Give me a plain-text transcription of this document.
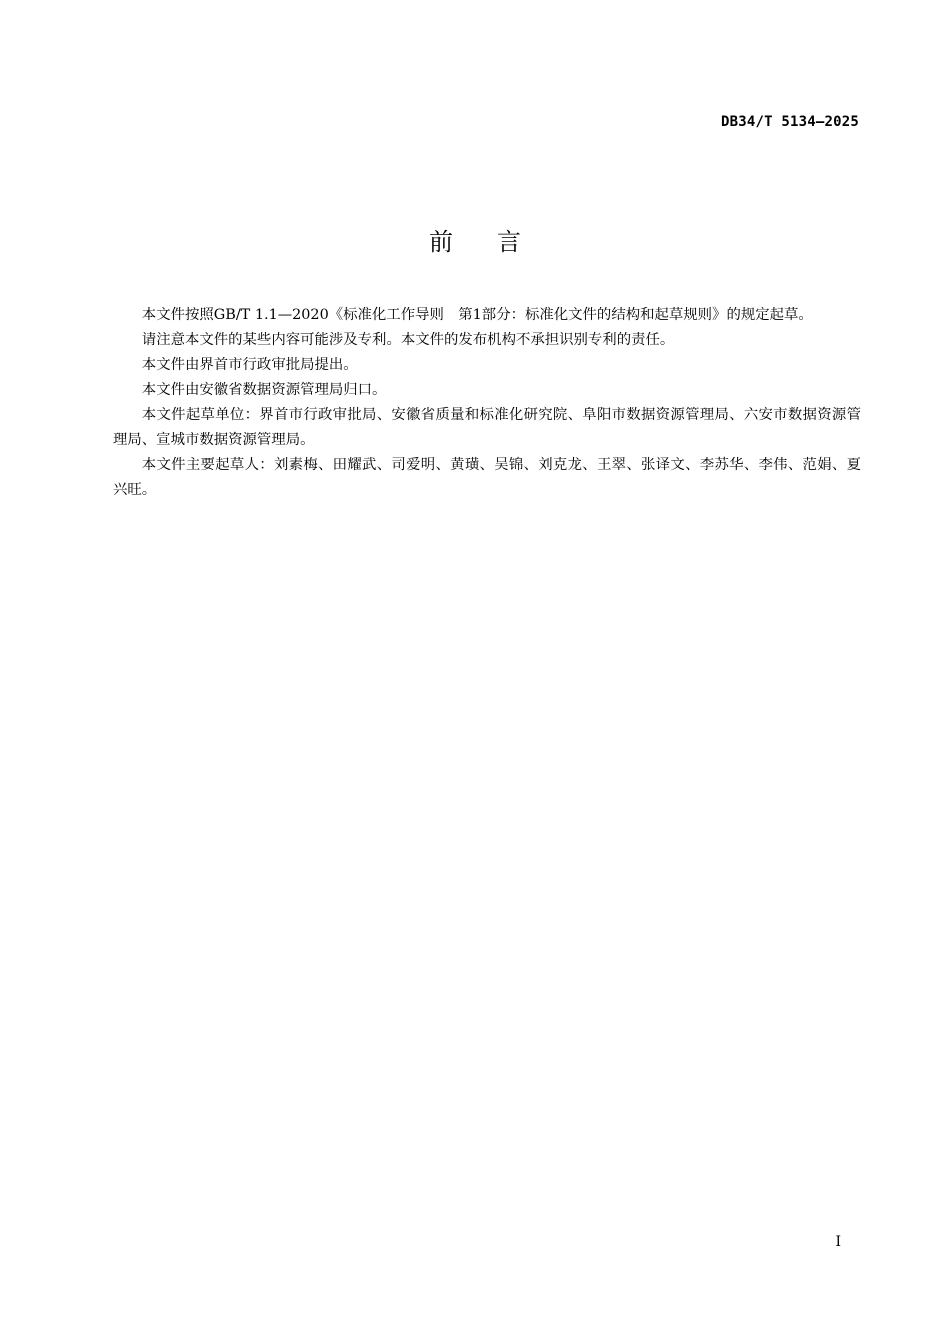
DB34/T 5134—2025
前言

本文件按照GB/T 1.1—2020《标准化工作导则　第1部分：标准化文件的结构和起草规则》的规定起草。

请注意本文件的某些内容可能涉及专利。本文件的发布机构不承担识别专利的责任。

本文件由界首市行政审批局提出。

本文件由安徽省数据资源管理局归口。

本文件起草单位：界首市行政审批局、安徽省质量和标准化研究院、阜阳市数据资源管理局、六安市数据资源管理局、宣城市数据资源管理局。

本文件主要起草人：刘素梅、田耀武、司爱明、黄璜、吴锦、刘克龙、王翠、张译文、李苏华、李伟、范娟、夏兴旺。

I
